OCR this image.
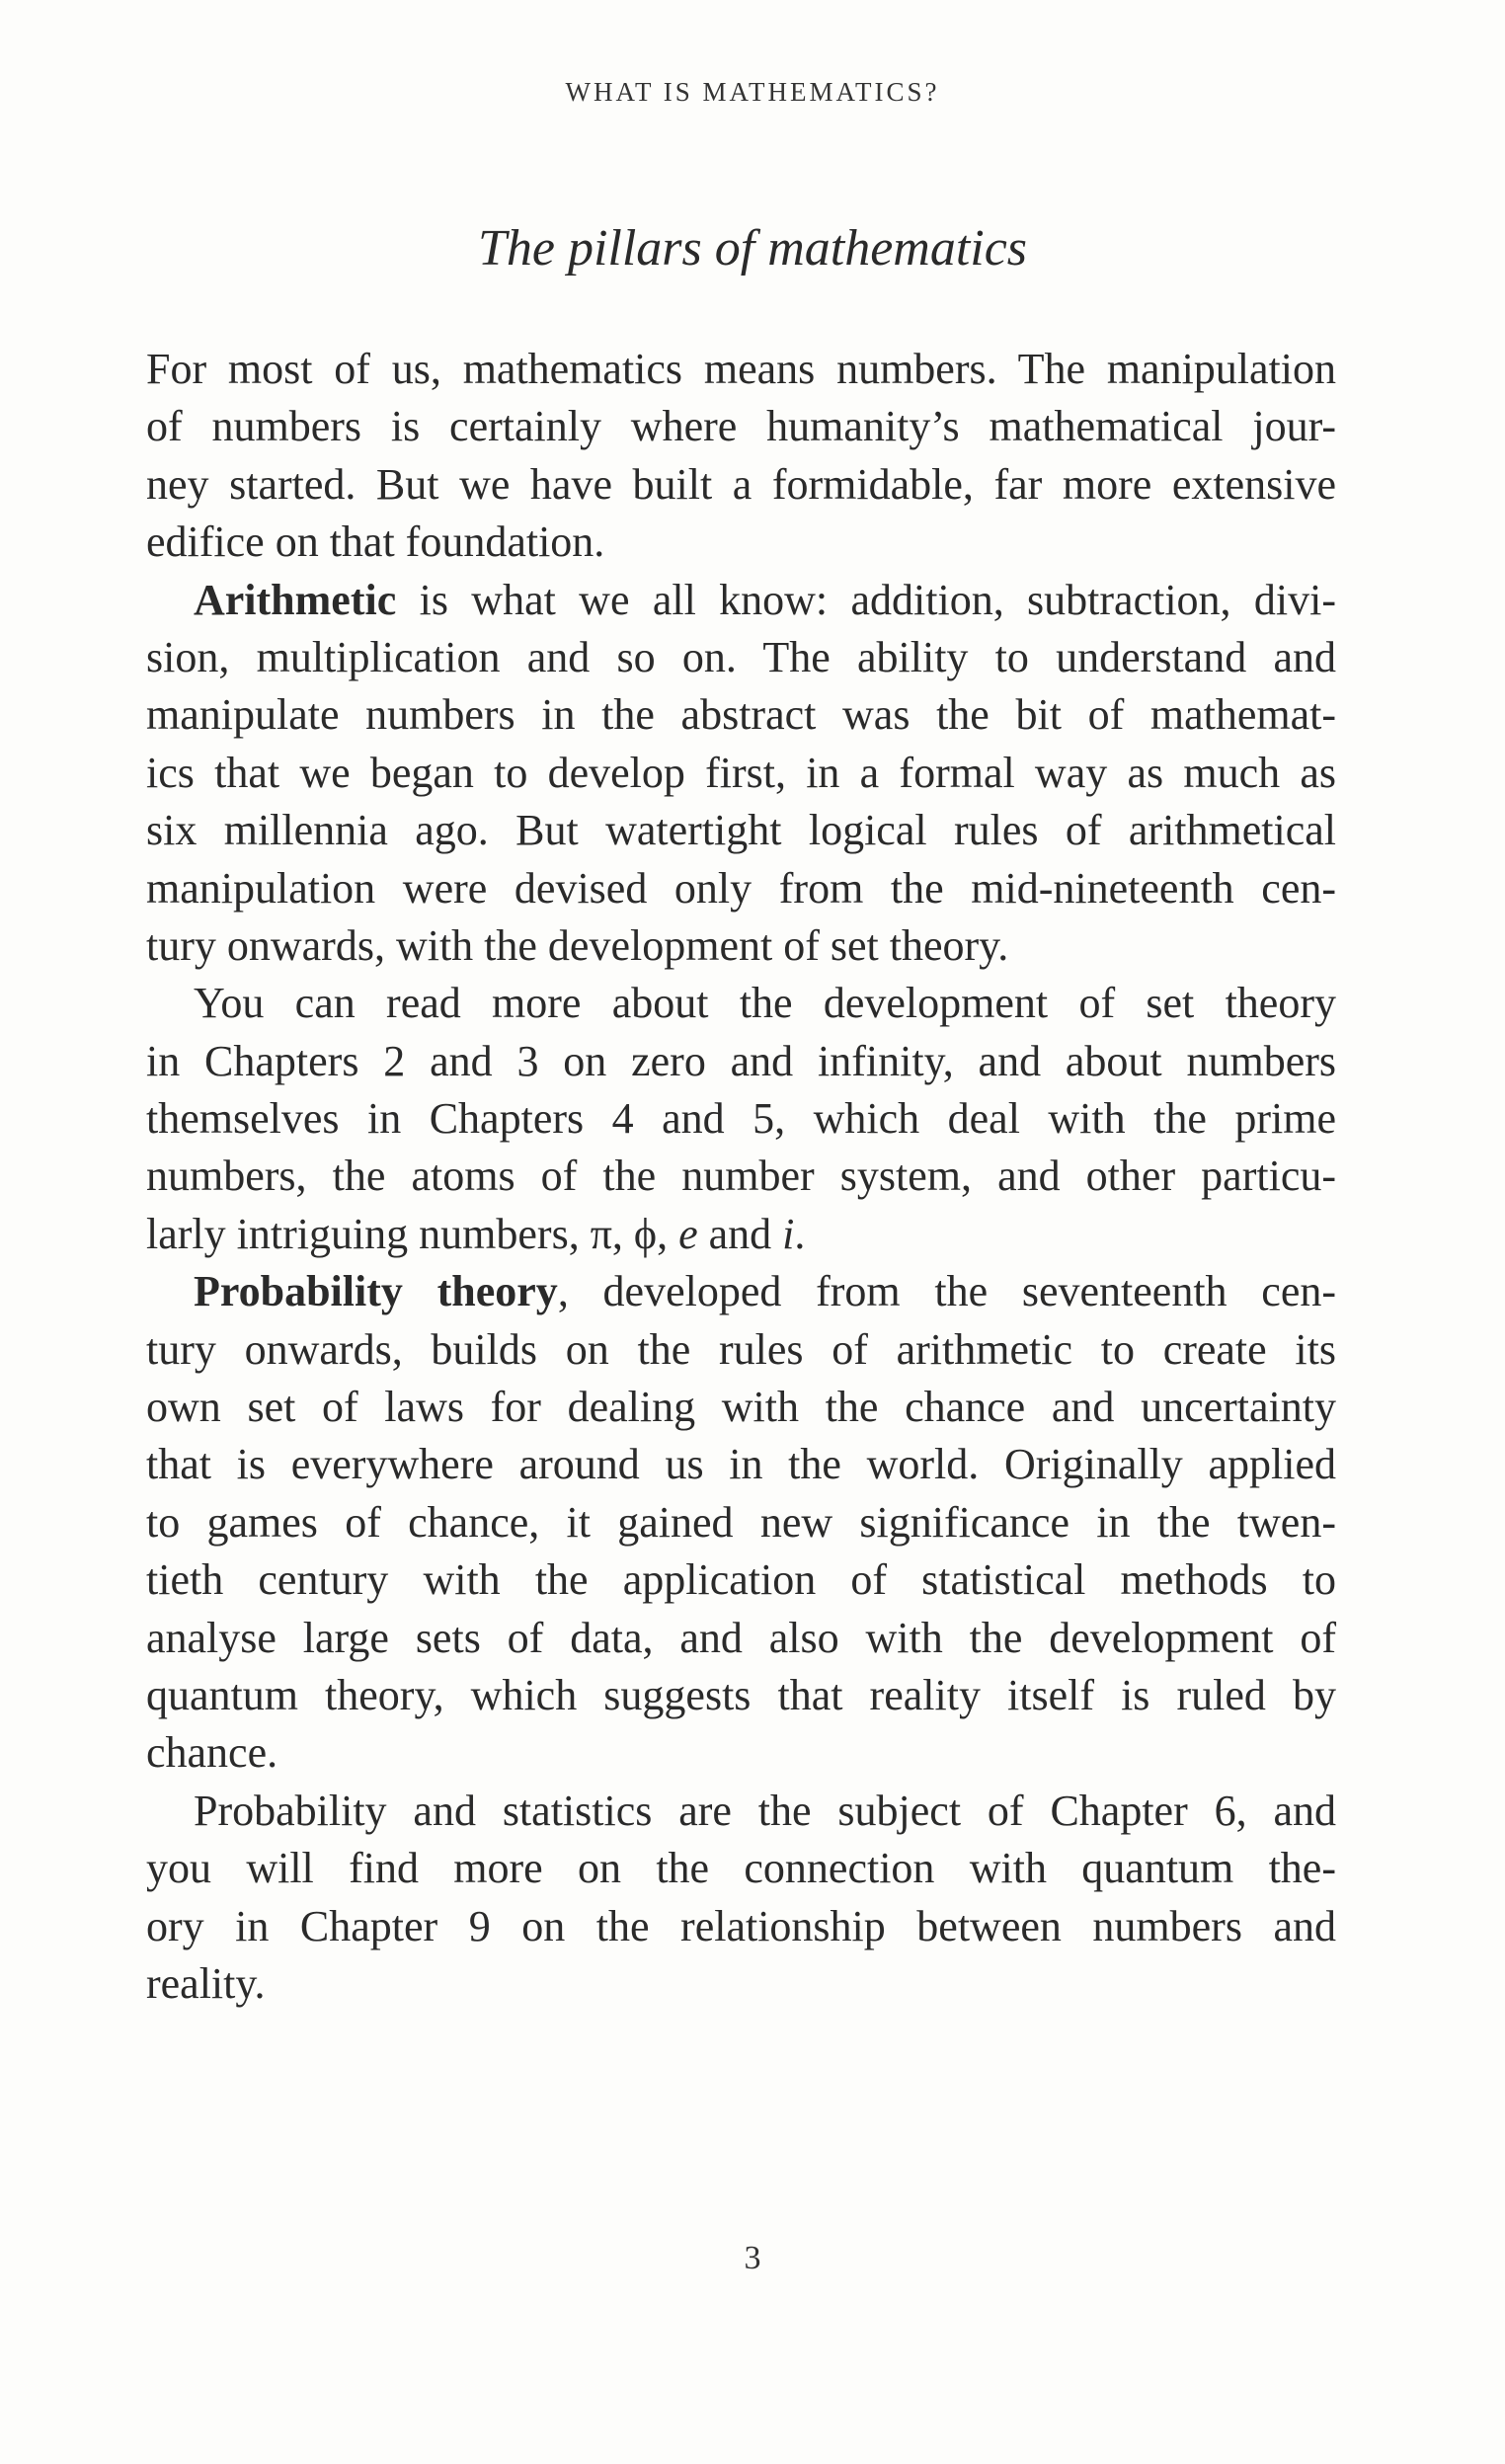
WHAT IS MATHEMATICS?
The pillars of mathematics
For most of us, mathematics means numbers. The manipulation
of numbers is certainly where humanity’s mathematical jour-
ney started. But we have built a formidable, far more extensive
edifice on that foundation.
Arithmetic is what we all know: addition, subtraction, divi-
sion, multiplication and so on. The ability to understand and
manipulate numbers in the abstract was the bit of mathemat-
ics that we began to develop first, in a formal way as much as
six millennia ago. But watertight logical rules of arithmetical
manipulation were devised only from the mid-nineteenth cen-
tury onwards, with the development of set theory.
You can read more about the development of set theory
in Chapters 2 and 3 on zero and infinity, and about numbers
themselves in Chapters 4 and 5, which deal with the prime
numbers, the atoms of the number system, and other particu-
larly intriguing numbers, π, ϕ, e and i.
Probability theory, developed from the seventeenth cen-
tury onwards, builds on the rules of arithmetic to create its
own set of laws for dealing with the chance and uncertainty
that is everywhere around us in the world. Originally applied
to games of chance, it gained new significance in the twen-
tieth century with the application of statistical methods to
analyse large sets of data, and also with the development of
quantum theory, which suggests that reality itself is ruled by
chance.
Probability and statistics are the subject of Chapter 6, and
you will find more on the connection with quantum the-
ory in Chapter 9 on the relationship between numbers and
reality.
3
